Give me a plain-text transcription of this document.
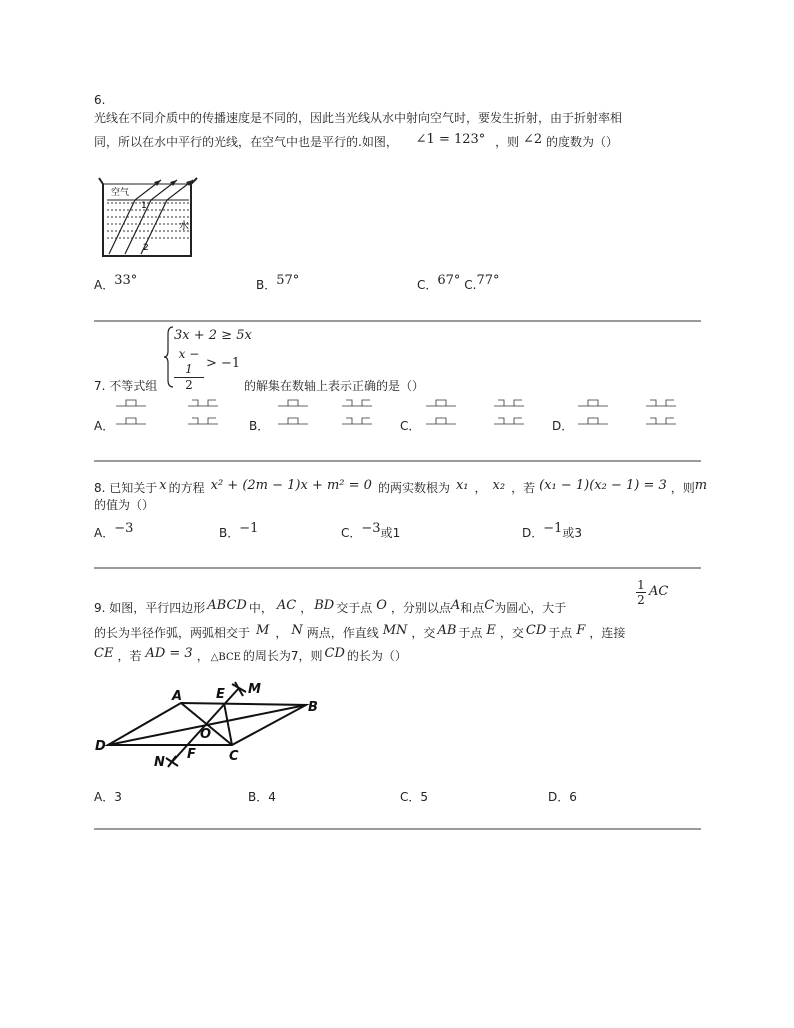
6.
光线在不同介质中的传播速度是不同的，因此当光线从水中射向空气时，要发生折射，由于折射率相
同，所以在水中平行的光线，在空气中也是平行的.如图， ∠1 = 123° ，则 ∠2 的度数为（）
空气
水
1
2
A．33°	B．57°	C．67° C.77°
3x + 2 ≥ 5x
x − 1
2
> −1
7. 不等式组	的解集在数轴上表示正确的是（）
A．	B．	C．	D．
8. 已知关于 x 的方程 x² + (2m − 1)x + m² = 0 的两实数根为 x₁ ， x₂ ，若 (x₁ − 1)(x₂ − 1) = 3 ，则m
的值为（）
A．−3	B．−1	C．−3或1	D．−1或3
9. 如图，平行四边形 ABCD 中， AC ， BD 交于点 O ，分别以点A和点C为圆心，大于
1
2
AC
的长为半径作弧，两弧相交于 M ， N 两点，作直线 MN ，交 AB 于点 E ，交 CD 于点 F ，连接
CE ，若 AD = 3 ， △BCE 的周长为7，则 CD 的长为（）
A
B
C
D
E
F
M
N
O
A．3	B．4	C．5	D．6
